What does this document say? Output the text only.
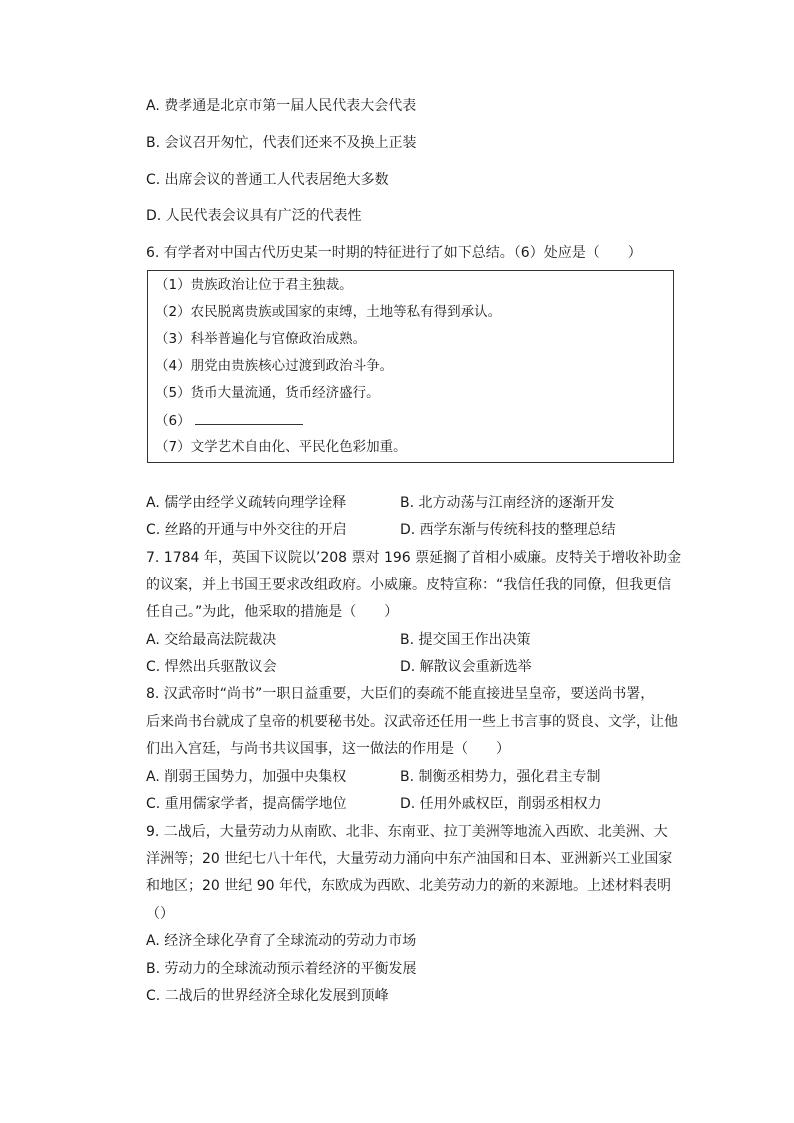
A. 费孝通是北京市第一届人民代表大会代表
B. 会议召开匆忙，代表们还来不及换上正装
C. 出席会议的普通工人代表居绝大多数
D. 人民代表会议具有广泛的代表性
6. 有学者对中国古代历史某一时期的特征进行了如下总结。（6）处应是（　　）
（1）贵族政治让位于君主独裁。
（2）农民脱离贵族或国家的束缚，土地等私有得到承认。
（3）科举普遍化与官僚政治成熟。
（4）朋党由贵族核心过渡到政治斗争。
（5）货币大量流通，货币经济盛行。
（6）
（7）文学艺术自由化、平民化色彩加重。
A. 儒学由经学义疏转向理学诠释	B. 北方动荡与江南经济的逐渐开发
C. 丝路的开通与中外交往的开启	D. 西学东渐与传统科技的整理总结
7. 1784 年，英国下议院以’208 票对 196 票延搁了首相小威廉。皮特关于增收补助金
的议案，并上书国王要求改组政府。小威廉。皮特宣称：“我信任我的同僚，但我更信
任自己。”为此，他采取的措施是（　　）
A. 交给最高法院裁决	B. 提交国王作出决策
C. 悍然出兵驱散议会	D. 解散议会重新选举
8. 汉武帝时“尚书”一职日益重要，大臣们的奏疏不能直接进呈皇帝，要送尚书署，
后来尚书台就成了皇帝的机要秘书处。汉武帝还任用一些上书言事的贤良、文学，让他
们出入宫廷，与尚书共议国事，这一做法的作用是（　　）
A. 削弱王国势力，加强中央集权	B. 制衡丞相势力，强化君主专制
C. 重用儒家学者，提高儒学地位	D. 任用外戚权臣，削弱丞相权力
9. 二战后，大量劳动力从南欧、北非、东南亚、拉丁美洲等地流入西欧、北美洲、大
洋洲等；20 世纪七八十年代，大量劳动力涌向中东产油国和日本、亚洲新兴工业国家
和地区；20 世纪 90 年代，东欧成为西欧、北美劳动力的新的来源地。上述材料表明
（）
A. 经济全球化孕育了全球流动的劳动力市场
B. 劳动力的全球流动预示着经济的平衡发展
C. 二战后的世界经济全球化发展到顶峰
